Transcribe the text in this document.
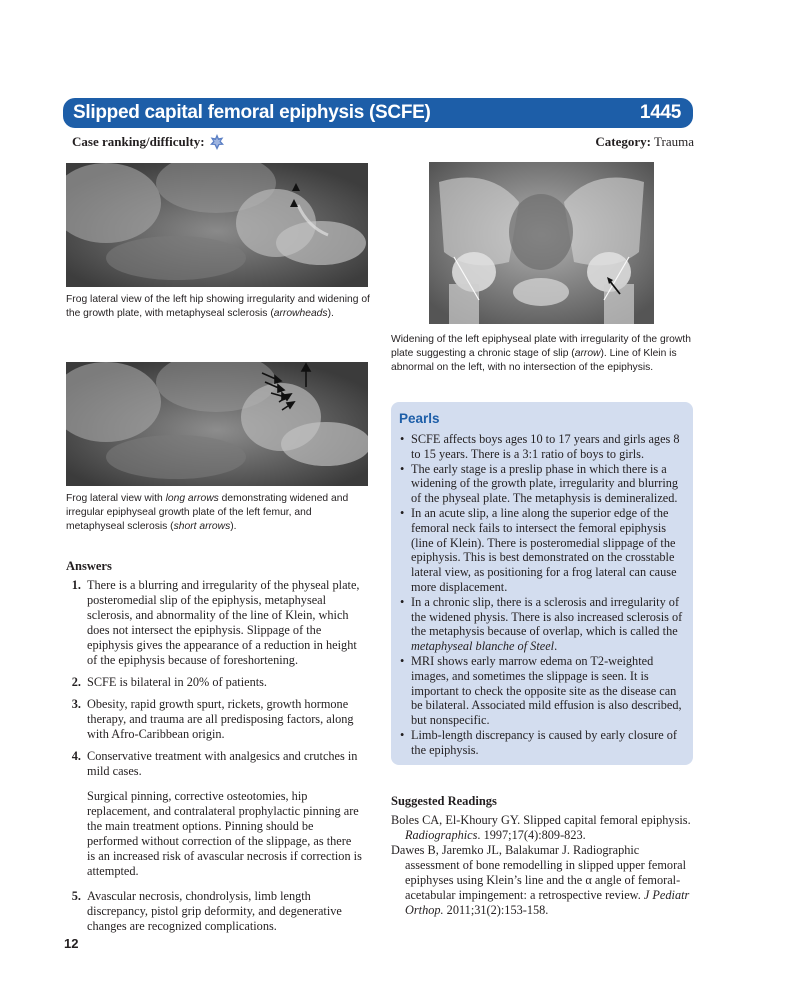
Slipped capital femoral epiphysis (SCFE)	1445
Case ranking/difficulty:	Category: Trauma
Frog lateral view of the left hip showing irregularity and widening of the growth plate, with metaphyseal sclerosis (arrowheads).
Widening of the left epiphyseal plate with irregularity of the growth plate suggesting a chronic stage of slip (arrow). Line of Klein is abnormal on the left, with no intersection of the epiphysis.
Frog lateral view with long arrows demonstrating widened and irregular epiphyseal growth plate of the left femur, and metaphyseal sclerosis (short arrows).
Answers
1. There is a blurring and irregularity of the physeal plate, posteromedial slip of the epiphysis, metaphyseal sclerosis, and abnormality of the line of Klein, which does not intersect the epiphysis. Slippage of the epiphysis gives the appearance of a reduction in height of the epiphysis because of foreshortening.
2. SCFE is bilateral in 20% of patients.
3. Obesity, rapid growth spurt, rickets, growth hormone therapy, and trauma are all predisposing factors, along with Afro-Caribbean origin.
4. Conservative treatment with analgesics and crutches in mild cases.
Surgical pinning, corrective osteotomies, hip replacement, and contralateral prophylactic pinning are the main treatment options. Pinning should be performed without correction of the slippage, as there is an increased risk of avascular necrosis if correction is attempted.
5. Avascular necrosis, chondrolysis, limb length discrepancy, pistol grip deformity, and degenerative changes are recognized complications.
Pearls
• SCFE affects boys ages 10 to 17 years and girls ages 8 to 15 years. There is a 3:1 ratio of boys to girls.
• The early stage is a preslip phase in which there is a widening of the growth plate, irregularity and blurring of the physeal plate. The metaphysis is demineralized.
• In an acute slip, a line along the superior edge of the femoral neck fails to intersect the femoral epiphysis (line of Klein). There is posteromedial slippage of the epiphysis. This is best demonstrated on the crosstable lateral view, as positioning for a frog lateral can cause more displacement.
• In a chronic slip, there is a sclerosis and irregularity of the widened physis. There is also increased sclerosis of the metaphysis because of overlap, which is called the metaphyseal blanche of Steel.
• MRI shows early marrow edema on T2-weighted images, and sometimes the slippage is seen. It is important to check the opposite site as the disease can be bilateral. Associated mild effusion is also described, but nonspecific.
• Limb-length discrepancy is caused by early closure of the epiphysis.
Suggested Readings
Boles CA, El-Khoury GY. Slipped capital femoral epiphysis. Radiographics. 1997;17(4):809-823.
Dawes B, Jaremko JL, Balakumar J. Radiographic assessment of bone remodelling in slipped upper femoral epiphyses using Klein’s line and the α angle of femoral-acetabular impingement: a retrospective review. J Pediatr Orthop. 2011;31(2):153-158.
12
